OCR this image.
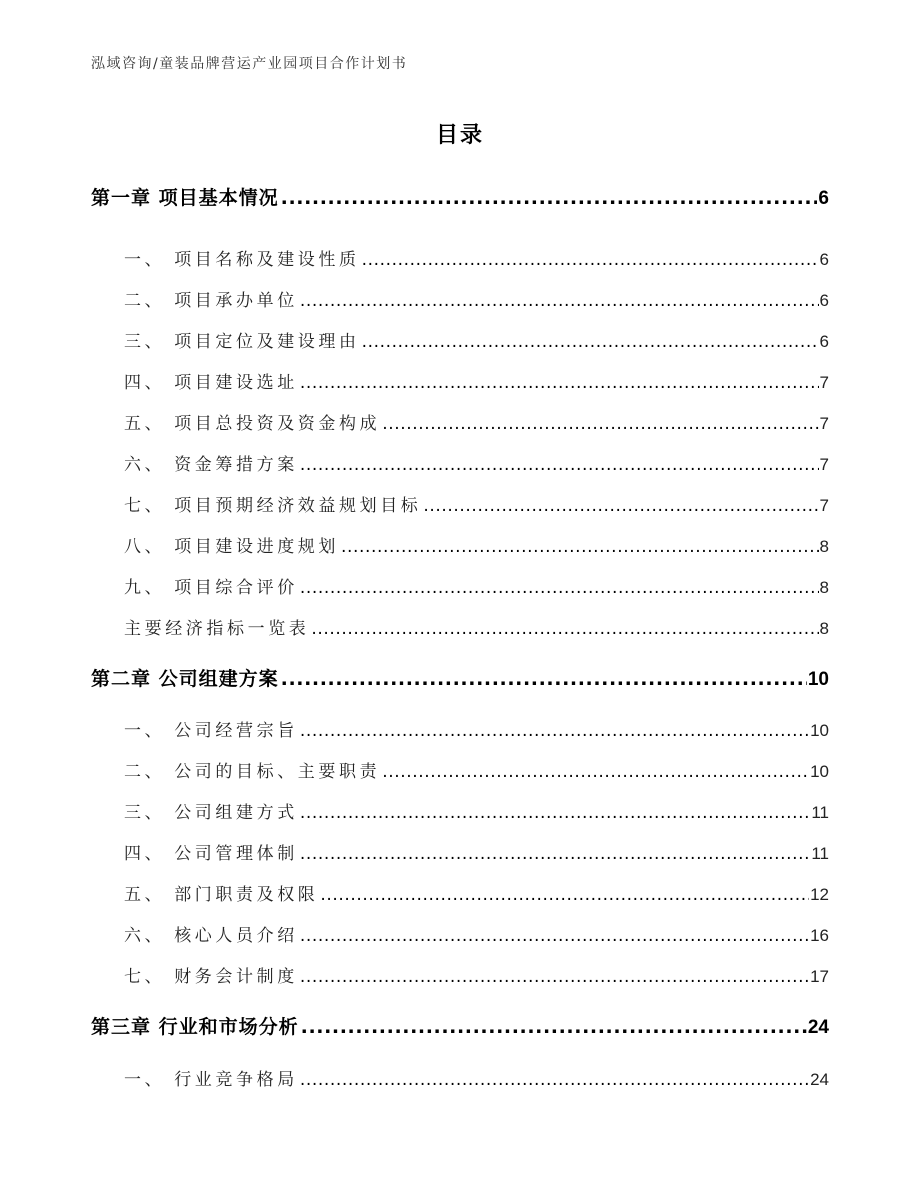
泓域咨询/童装品牌营运产业园项目合作计划书
目录
第一章 项目基本情况 .....	6
一、 项目名称及建设性质 .....	6
二、 项目承办单位 .....	6
三、 项目定位及建设理由 .....	6
四、 项目建设选址 .....	7
五、 项目总投资及资金构成 .....	7
六、 资金筹措方案 .....	7
七、 项目预期经济效益规划目标 .....	7
八、 项目建设进度规划 .....	8
九、 项目综合评价 .....	8
主要经济指标一览表 .....	8
第二章 公司组建方案 .....	10
一、 公司经营宗旨 .....	10
二、 公司的目标、主要职责 .....	10
三、 公司组建方式 .....	11
四、 公司管理体制 .....	11
五、 部门职责及权限 .....	12
六、 核心人员介绍 .....	16
七、 财务会计制度 .....	17
第三章 行业和市场分析 .....	24
一、 行业竞争格局 .....	24
